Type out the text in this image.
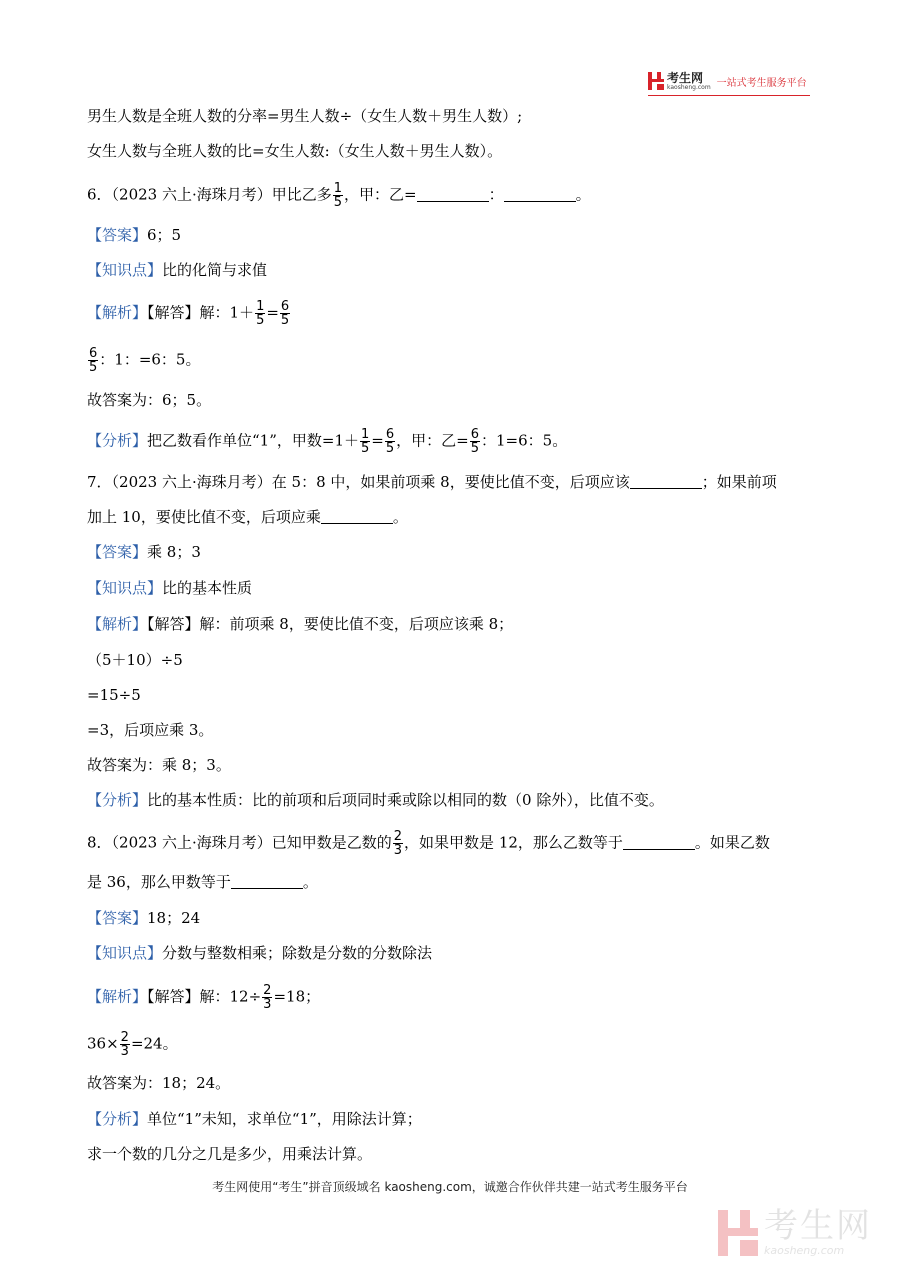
考生网
kaosheng.com 一站式考生服务平台
男生人数是全班人数的分率=男生人数÷（女生人数＋男生人数）;
女生人数与全班人数的比=女生人数:（女生人数＋男生人数）。
6．（2023 六上·海珠月考）甲比乙多 $\frac{1}{5}$ ，甲：乙=	：	。
【答案】6；5
【知识点】比的化简与求值
【解析】【解答】解：$1+ \frac{1}{5} = \frac{6}{5}$
$\frac{6}{5}$ ：1：=6：5。
故答案为：6；5。
【分析】把乙数看作单位“1”，甲数$=1+ \frac{1}{5} = \frac{6}{5}$ ，甲：乙= $\frac{6}{5}$ ：1=6：5。
7．（2023 六上·海珠月考）在 5：8 中，如果前项乘 8，要使比值不变，后项应该	；如果前项
加上 10，要使比值不变，后项应乘	。
【答案】乘 8；3
【知识点】比的基本性质
【解析】【解答】解：前项乘 8，要使比值不变，后项应该乘 8；
（5＋10）÷5
=15÷5
=3，后项应乘 3。
故答案为：乘 8；3。
【分析】比的基本性质：比的前项和后项同时乘或除以相同的数（0 除外），比值不变。
8．（2023 六上·海珠月考）已知甲数是乙数的 $\frac{2}{3}$ ，如果甲数是 12，那么乙数等于	。如果乙数
是 36，那么甲数等于	。
【答案】18；24
【知识点】分数与整数相乘；除数是分数的分数除法
【解析】【解答】解：$12\div \frac{2}{3} =18$；
$36\times \frac{2}{3} =24$。
故答案为：18；24。
【分析】单位“1”未知，求单位“1”，用除法计算；
求一个数的几分之几是多少，用乘法计算。
考生网使用“考生”拼音顶级域名 kaosheng.com，诚邀合作伙伴共建一站式考生服务平台
考生网
kaosheng.com
